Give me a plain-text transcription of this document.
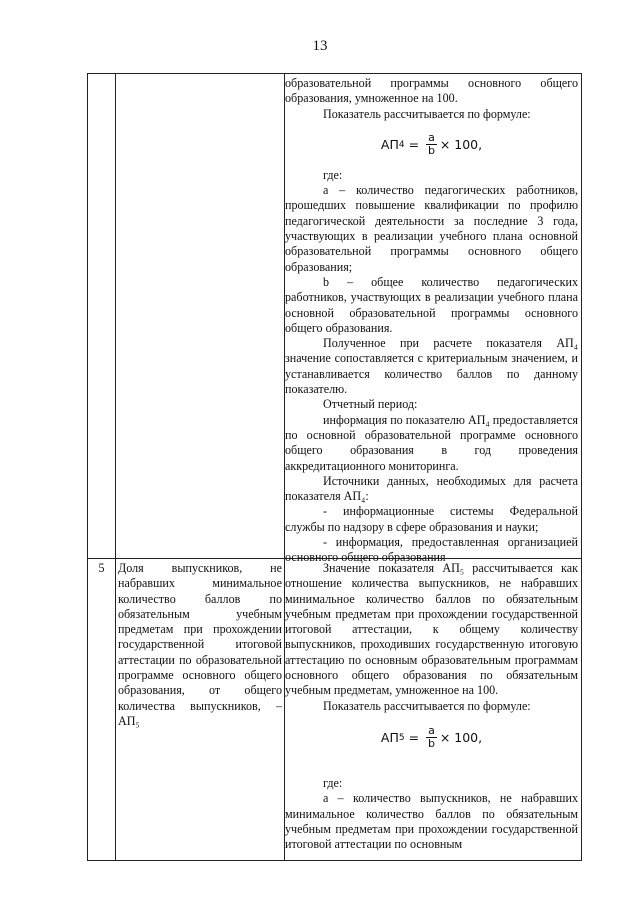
13

образовательной программы основного общего образования, умноженное на 100.

Показатель рассчитывается по формуле:

АП $4 = \frac{a}{b} \times 100$,
где:

а – количество педагогических работников, прошедших повышение квалификации по профилю педагогической деятельности за последние 3 года, участвующих в реализации учебного плана основной образовательной программы основного общего образования;

b – общее количество педагогических работников, участвующих в реализации учебного плана основной образовательной программы основного общего образования.

Полученное при расчете показателя АП₄ значение сопоставляется с критериальным значением, и устанавливается количество баллов по данному показателю.

Отчетный период:

информация по показателю АП₄ предоставляется по основной образовательной программе основного общего образования в год проведения аккредитационного мониторинга.

Источники данных, необходимых для расчета показателя АП₄:

- информационные системы Федеральной службы по надзору в сфере образования и науки;

- информация, предоставленная организацией основного общего образования

5	Доля выпускников, не набравших минимальное количество баллов по обязательным учебным предметам при прохождении государственной итоговой аттестации по образовательной программе основного общего образования, от общего количества выпускников, – АП₅

Значение показателя АП₅ рассчитывается как отношение количества выпускников, не набравших минимальное количество баллов по обязательным учебным предметам при прохождении государственной итоговой аттестации, к общему количеству выпускников, проходивших государственную итоговую аттестацию по основным образовательным программам основного общего образования по обязательным учебным предметам, умноженное на 100.

Показатель рассчитывается по формуле:

АП $5 = \frac{a}{b} \times 100$,
где:

а – количество выпускников, не набравших минимальное количество баллов по обязательным учебным предметам при прохождении государственной итоговой аттестации по основным
